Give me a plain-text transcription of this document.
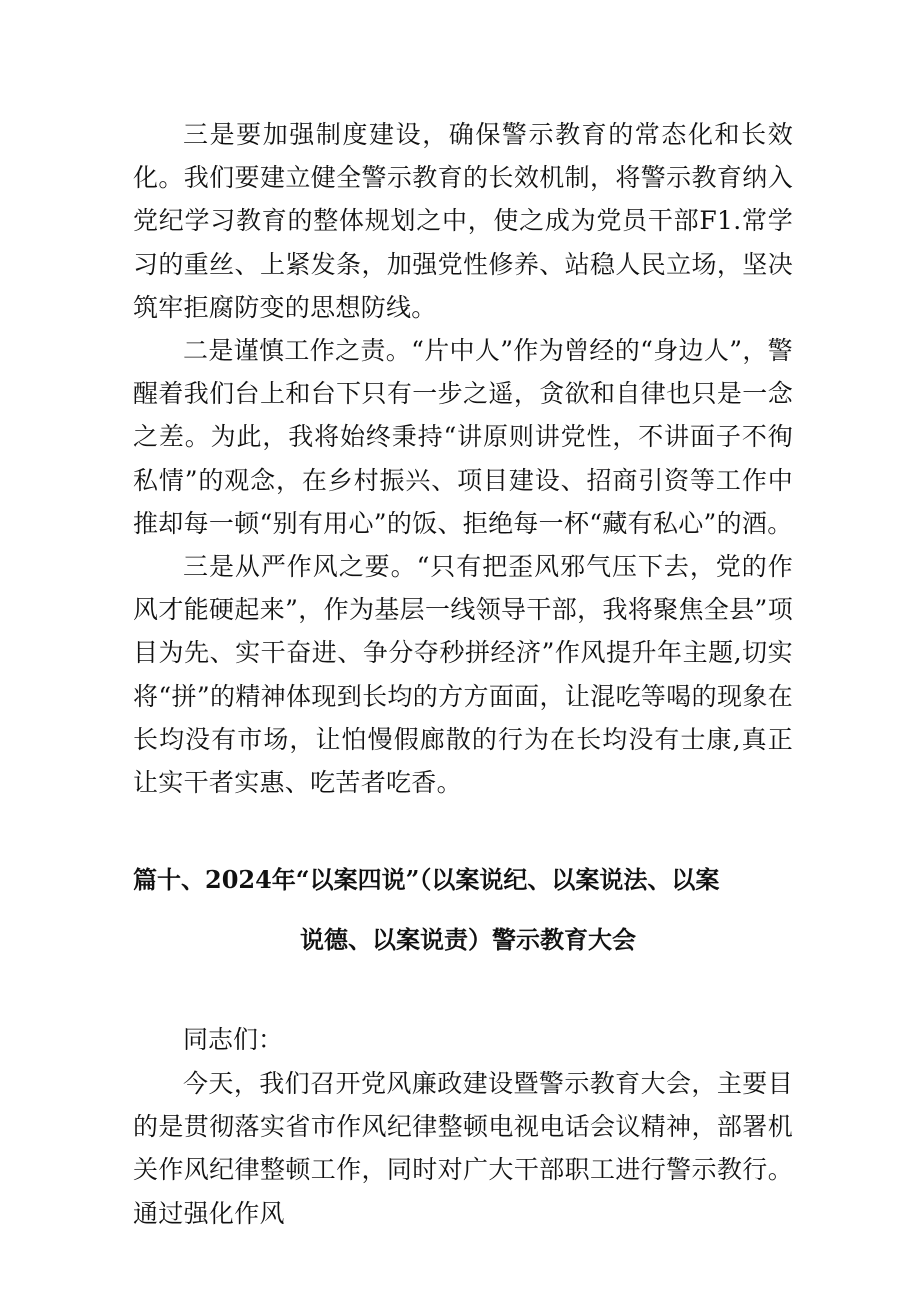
三是要加强制度建设，确保警示教育的常态化和长效化。我们要建立健全警示教育的长效机制，将警示教育纳入党纪学习教育的整体规划之中，使之成为党员干部F1.常学习的重丝、上紧发条，加强党性修养、站稳人民立场，坚决筑牢拒腐防变的思想防线。

二是谨慎工作之责。“片中人”作为曾经的“身边人”，警醒着我们台上和台下只有一步之遥，贪欲和自律也只是一念之差。为此，我将始终秉持“讲原则讲党性，不讲面子不徇私情”的观念，在乡村振兴、项目建设、招商引资等工作中推却每一顿“别有用心”的饭、拒绝每一杯“藏有私心”的酒。

三是从严作风之要。“只有把歪风邪气压下去，党的作风才能硬起来”，作为基层一线领导干部，我将聚焦全县”项目为先、实干奋进、争分夺秒拼经济”作风提升年主题,切实将“拼”的精神体现到长均的方方面面，让混吃等喝的现象在长均没有市场，让怕慢假廊散的行为在长均没有士康,真正让实干者实惠、吃苦者吃香。

篇十、2024年“以案四说”（以案说纪、以案说法、以案
说德、以案说责）警示教育大会

同志们：

今天，我们召开党风廉政建设暨警示教育大会，主要目的是贯彻落实省市作风纪律整顿电视电话会议精神，部署机关作风纪律整顿工作，同时对广大干部职工进行警示教行。通过强化作风
